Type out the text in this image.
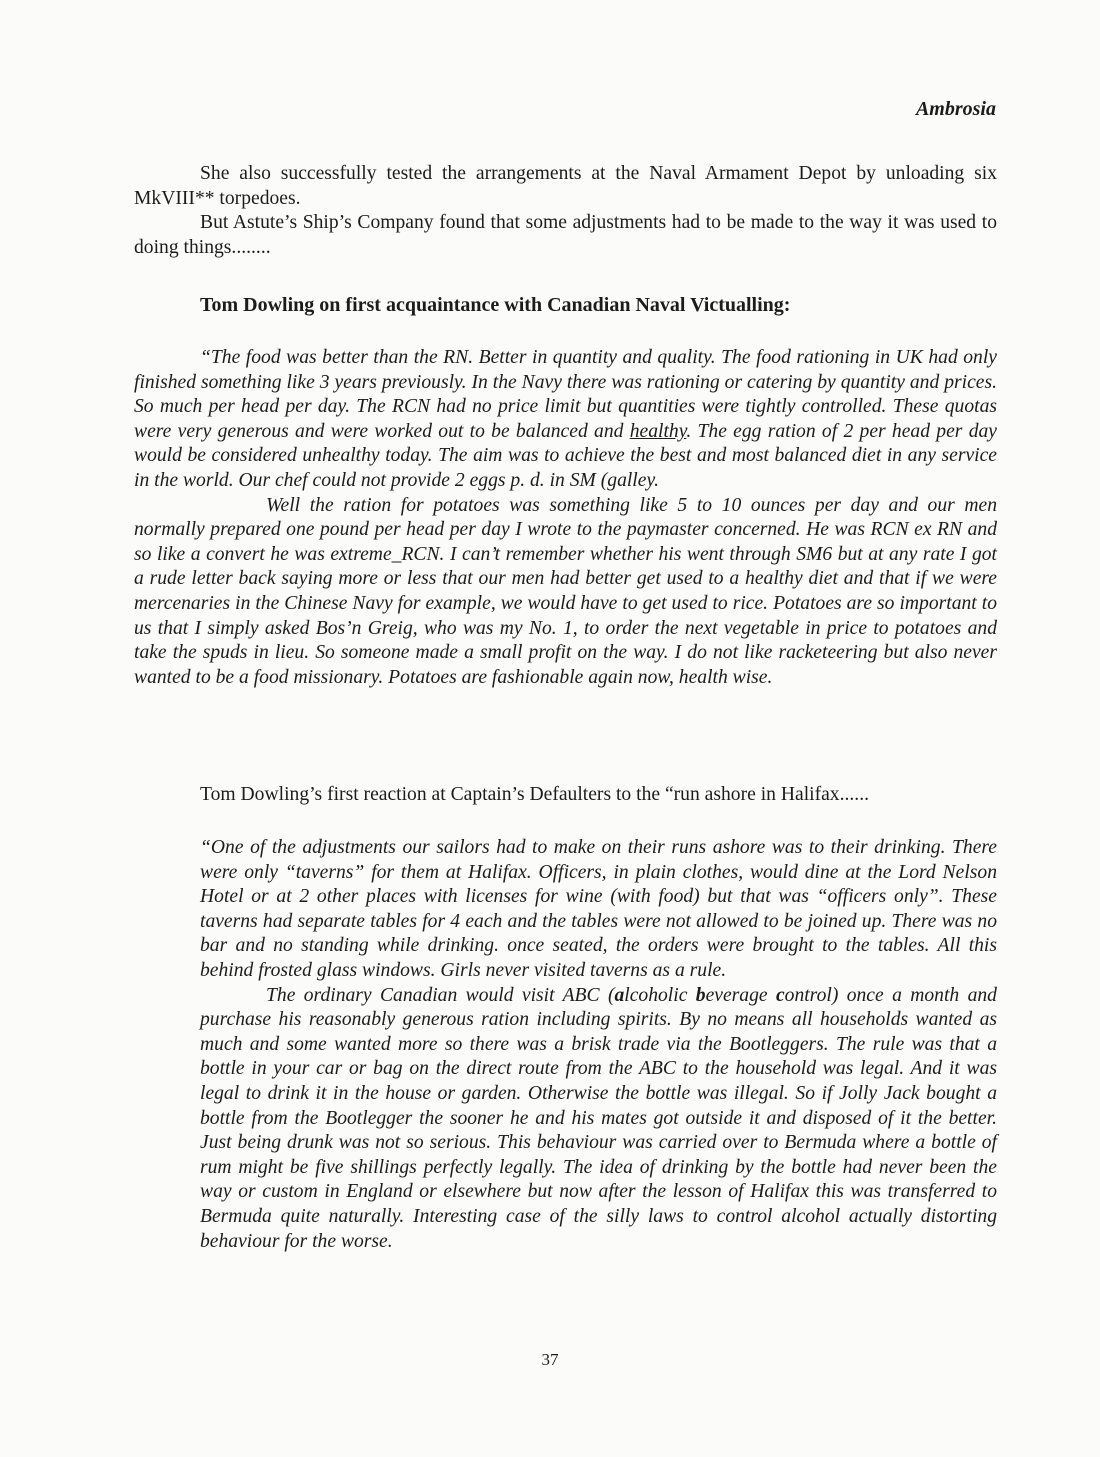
Ambrosia

She also successfully tested the arrangements at the Naval Armament Depot by unloading six MkVIII** torpedoes.

But Astute’s Ship’s Company found that some adjustments had to be made to the way it was used to doing things........

Tom Dowling on first acquaintance with Canadian Naval Victualling:

“The food was better than the RN. Better in quantity and quality. The food rationing in UK had only finished something like 3 years previously. In the Navy there was rationing or catering by quantity and prices. So much per head per day. The RCN had no price limit but quantities were tightly controlled. These quotas were very generous and were worked out to be balanced and healthy. The egg ration of 2 per head per day would be considered unhealthy today. The aim was to achieve the best and most balanced diet in any service in the world. Our chef could not provide 2 eggs p. d. in SM (galley.

Well the ration for potatoes was something like 5 to 10 ounces per day and our men normally prepared one pound per head per day I wrote to the paymaster concerned. He was RCN ex RN and so like a convert he was extreme_RCN. I can’t remember whether his went through SM6 but at any rate I got a rude letter back saying more or less that our men had better get used to a healthy diet and that if we were mercenaries in the Chinese Navy for example, we would have to get used to rice. Potatoes are so important to us that I simply asked Bos’n Greig, who was my No. 1, to order the next vegetable in price to potatoes and take the spuds in lieu. So someone made a small profit on the way. I do not like racketeering but also never wanted to be a food missionary. Potatoes are fashionable again now, health wise.

Tom Dowling’s first reaction at Captain’s Defaulters to the “run ashore in Halifax......

“One of the adjustments our sailors had to make on their runs ashore was to their drinking. There were only “taverns” for them at Halifax. Officers, in plain clothes, would dine at the Lord Nelson Hotel or at 2 other places with licenses for wine (with food) but that was “officers only”. These taverns had separate tables for 4 each and the tables were not allowed to be joined up. There was no bar and no standing while drinking. once seated, the orders were brought to the tables. All this behind frosted glass windows. Girls never visited taverns as a rule.

The ordinary Canadian would visit ABC (alcoholic beverage control) once a month and purchase his reasonably generous ration including spirits. By no means all households wanted as much and some wanted more so there was a brisk trade via the Bootleggers. The rule was that a bottle in your car or bag on the direct route from the ABC to the household was legal. And it was legal to drink it in the house or garden. Otherwise the bottle was illegal. So if Jolly Jack bought a bottle from the Bootlegger the sooner he and his mates got outside it and disposed of it the better. Just being drunk was not so serious. This behaviour was carried over to Bermuda where a bottle of rum might be five shillings perfectly legally. The idea of drinking by the bottle had never been the way or custom in England or elsewhere but now after the lesson of Halifax this was transferred to Bermuda quite naturally. Interesting case of the silly laws to control alcohol actually distorting behaviour for the worse.

37
